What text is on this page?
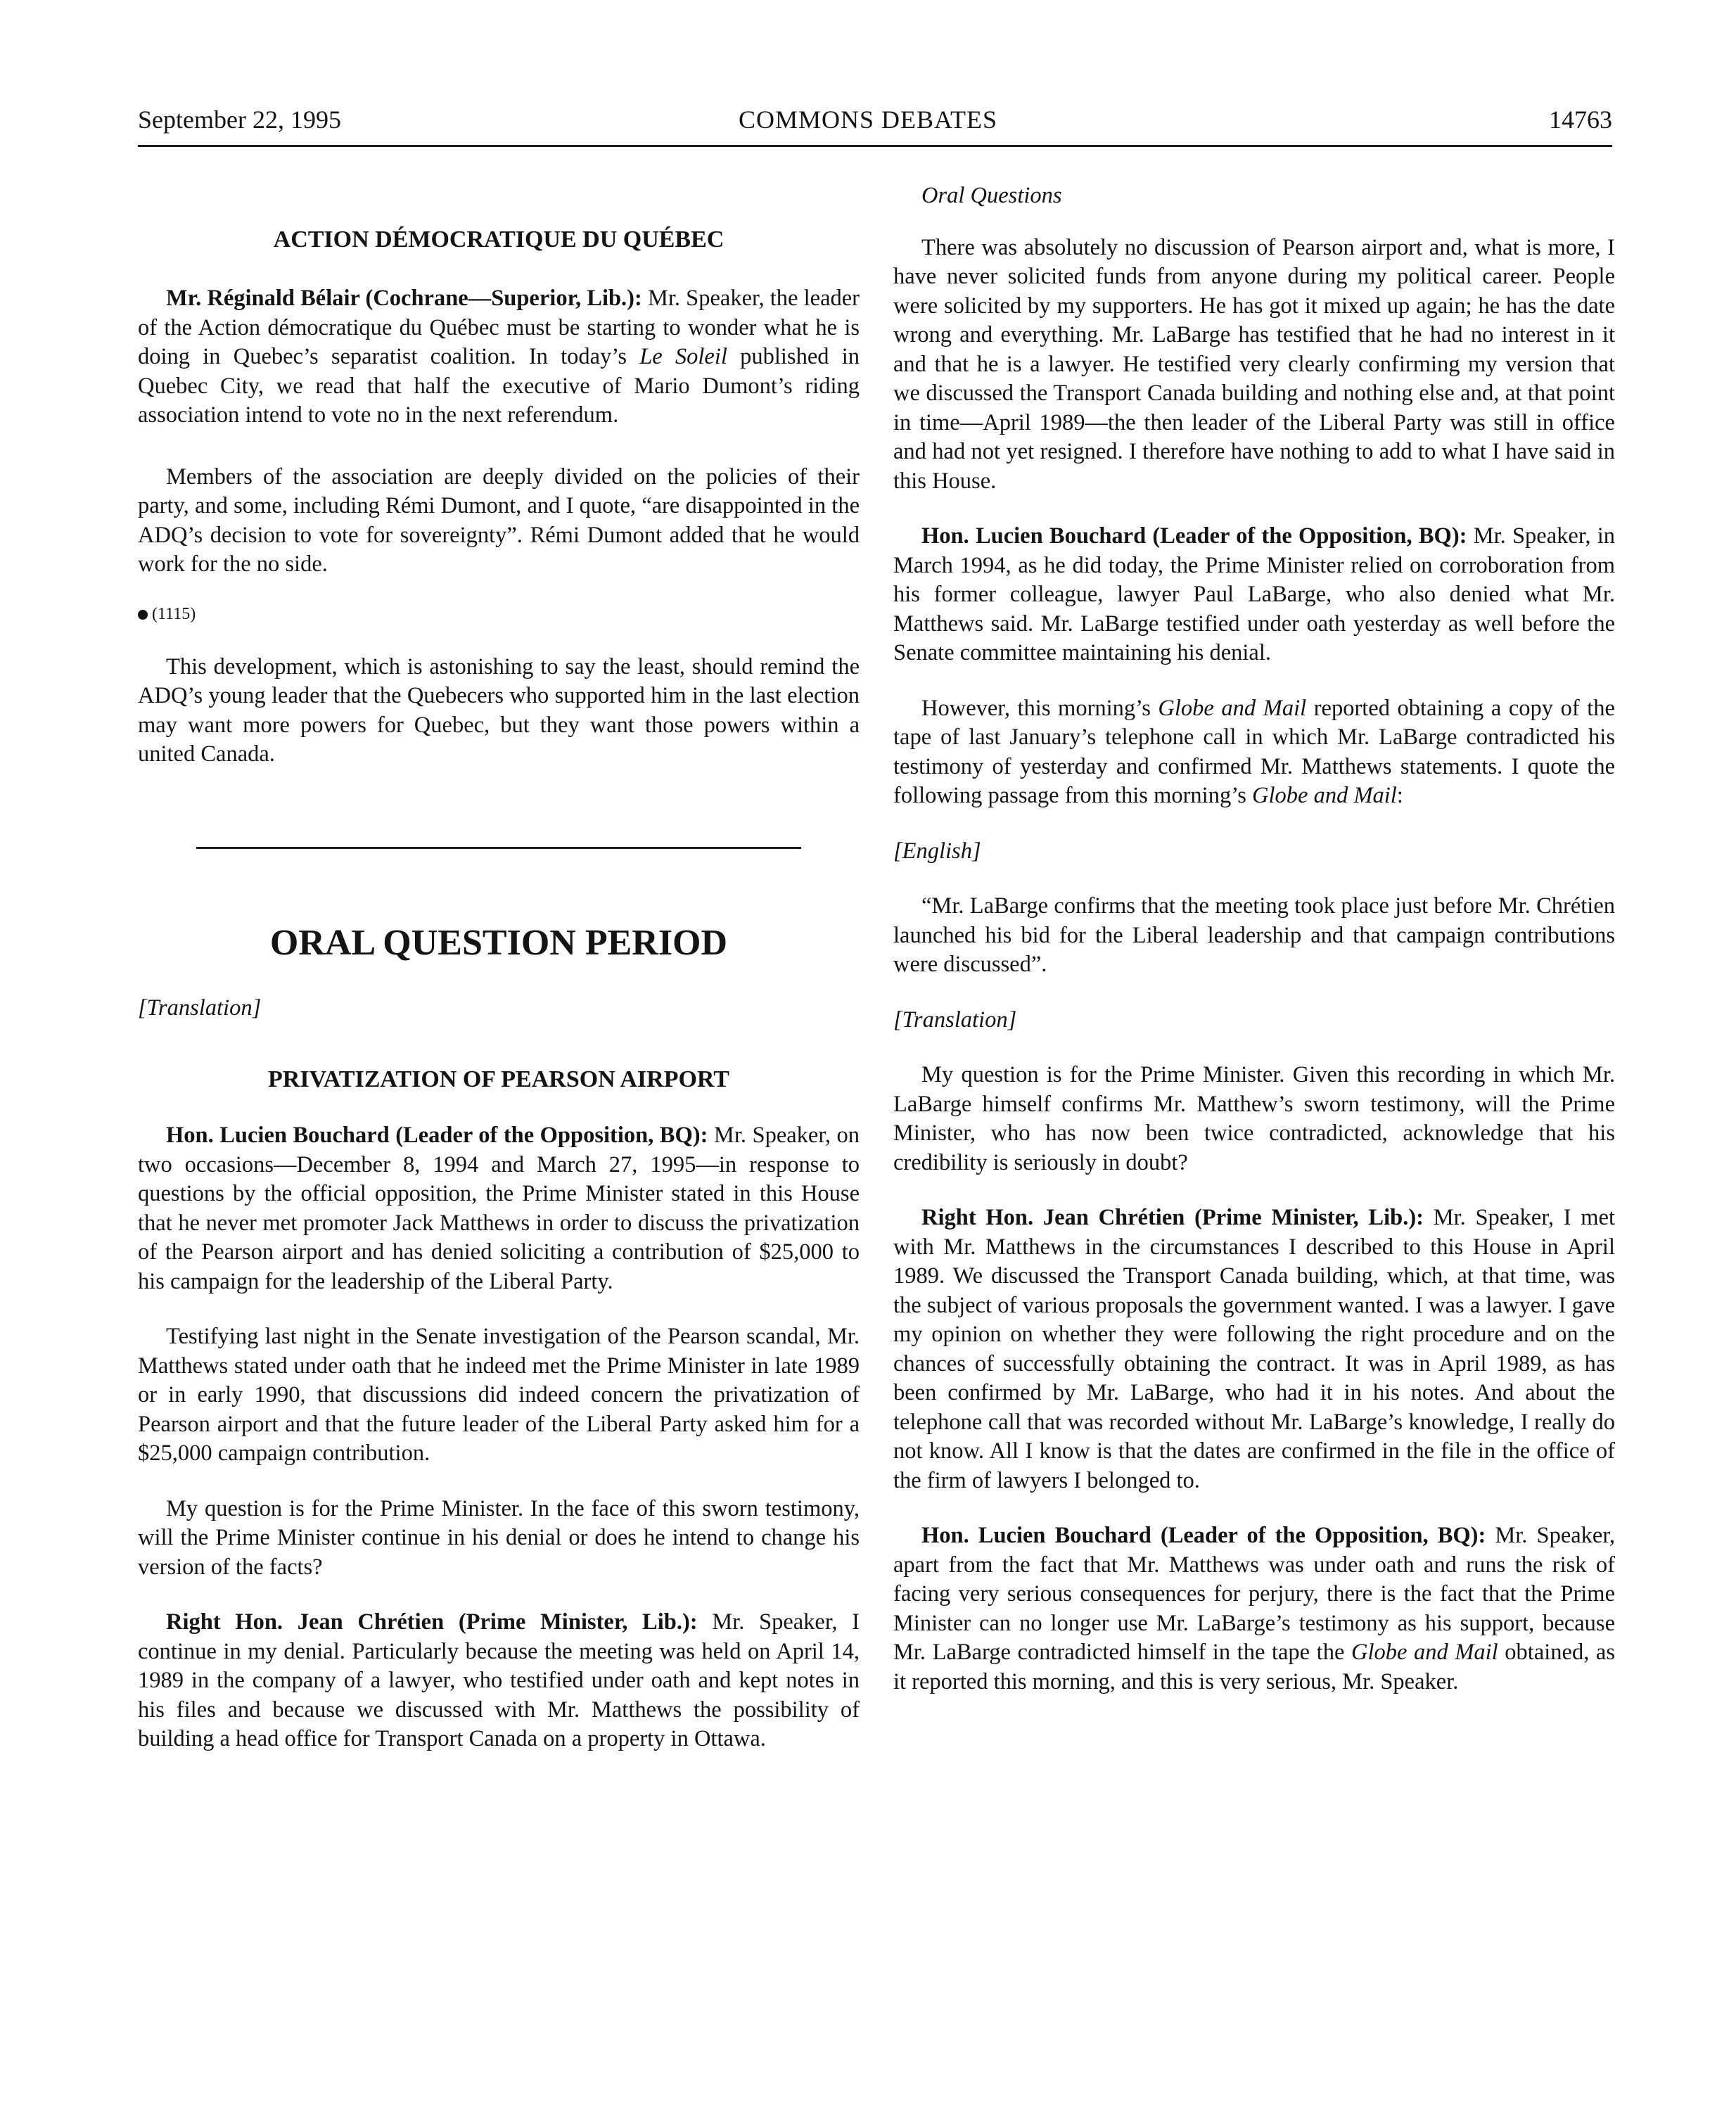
September 22, 1995	COMMONS DEBATES	14763
ACTION DÉMOCRATIQUE DU QUÉBEC

Mr. Réginald Bélair (Cochrane—Superior, Lib.): Mr. Speaker, the leader of the Action démocratique du Québec must be starting to wonder what he is doing in Quebec’s separatist coalition. In today’s Le Soleil published in Quebec City, we read that half the executive of Mario Dumont’s riding association intend to vote no in the next referendum.

Members of the association are deeply divided on the policies of their party, and some, including Rémi Dumont, and I quote, “are disappointed in the ADQ’s decision to vote for sovereignty”. Rémi Dumont added that he would work for the no side.

(1115)

This development, which is astonishing to say the least, should remind the ADQ’s young leader that the Quebecers who supported him in the last election may want more powers for Quebec, but they want those powers within a united Canada.

ORAL QUESTION PERIOD

[Translation]

PRIVATIZATION OF PEARSON AIRPORT

Hon. Lucien Bouchard (Leader of the Opposition, BQ): Mr. Speaker, on two occasions—December 8, 1994 and March 27, 1995—in response to questions by the official opposition, the Prime Minister stated in this House that he never met promoter Jack Matthews in order to discuss the privatization of the Pearson airport and has denied soliciting a contribution of $25,000 to his campaign for the leadership of the Liberal Party.

Testifying last night in the Senate investigation of the Pearson scandal, Mr. Matthews stated under oath that he indeed met the Prime Minister in late 1989 or in early 1990, that discussions did indeed concern the privatization of Pearson airport and that the future leader of the Liberal Party asked him for a $25,000 campaign contribution.

My question is for the Prime Minister. In the face of this sworn testimony, will the Prime Minister continue in his denial or does he intend to change his version of the facts?

Right Hon. Jean Chrétien (Prime Minister, Lib.): Mr. Speaker, I continue in my denial. Particularly because the meeting was held on April 14, 1989 in the company of a lawyer, who testified under oath and kept notes in his files and because we discussed with Mr. Matthews the possibility of building a head office for Transport Canada on a property in Ottawa.

Oral Questions

There was absolutely no discussion of Pearson airport and, what is more, I have never solicited funds from anyone during my political career. People were solicited by my supporters. He has got it mixed up again; he has the date wrong and everything. Mr. LaBarge has testified that he had no interest in it and that he is a lawyer. He testified very clearly confirming my version that we discussed the Transport Canada building and nothing else and, at that point in time—April 1989—the then leader of the Liberal Party was still in office and had not yet resigned. I therefore have nothing to add to what I have said in this House.

Hon. Lucien Bouchard (Leader of the Opposition, BQ): Mr. Speaker, in March 1994, as he did today, the Prime Minister relied on corroboration from his former colleague, lawyer Paul LaBarge, who also denied what Mr. Matthews said. Mr. LaBarge testified under oath yesterday as well before the Senate committee maintaining his denial.

However, this morning’s Globe and Mail reported obtaining a copy of the tape of last January’s telephone call in which Mr. LaBarge contradicted his testimony of yesterday and confirmed Mr. Matthews statements. I quote the following passage from this morning’s Globe and Mail:

[English]

“Mr. LaBarge confirms that the meeting took place just before Mr. Chrétien launched his bid for the Liberal leadership and that campaign contributions were discussed”.

[Translation]

My question is for the Prime Minister. Given this recording in which Mr. LaBarge himself confirms Mr. Matthew’s sworn testimony, will the Prime Minister, who has now been twice contradicted, acknowledge that his credibility is seriously in doubt?

Right Hon. Jean Chrétien (Prime Minister, Lib.): Mr. Speaker, I met with Mr. Matthews in the circumstances I described to this House in April 1989. We discussed the Transport Canada building, which, at that time, was the subject of various proposals the government wanted. I was a lawyer. I gave my opinion on whether they were following the right procedure and on the chances of successfully obtaining the contract. It was in April 1989, as has been confirmed by Mr. LaBarge, who had it in his notes. And about the telephone call that was recorded without Mr. LaBarge’s knowledge, I really do not know. All I know is that the dates are confirmed in the file in the office of the firm of lawyers I belonged to.

Hon. Lucien Bouchard (Leader of the Opposition, BQ): Mr. Speaker, apart from the fact that Mr. Matthews was under oath and runs the risk of facing very serious consequences for perjury, there is the fact that the Prime Minister can no longer use Mr. LaBarge’s testimony as his support, because Mr. LaBarge contradicted himself in the tape the Globe and Mail obtained, as it reported this morning, and this is very serious, Mr. Speaker.
